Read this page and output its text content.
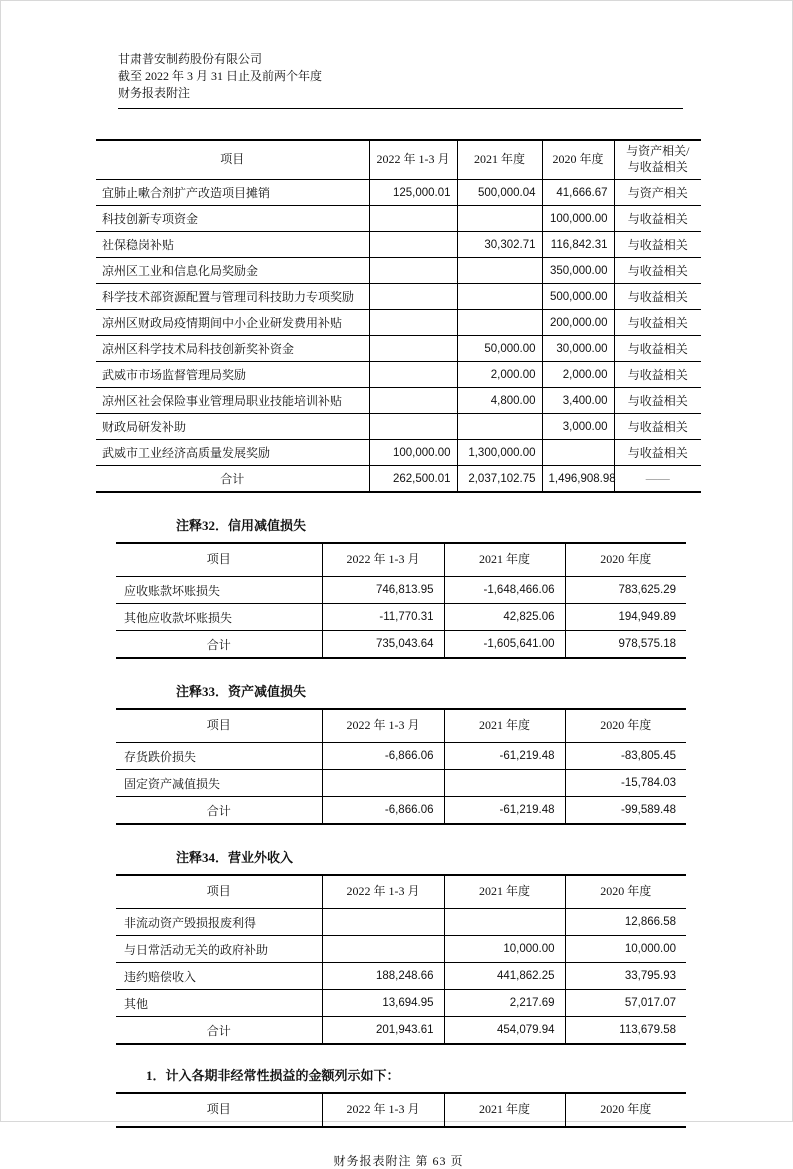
甘肃普安制药股份有限公司
截至 2022 年 3 月 31 日止及前两个年度
财务报表附注
项目	2022 年 1-3 月	2021 年度	2020 年度	与资产相关/
与收益相关

宜肺止嗽合剂扩产改造项目摊销	125,000.01	500,000.04	41,666.67	与资产相关
科技创新专项资金			100,000.00	与收益相关
社保稳岗补贴		30,302.71	116,842.31	与收益相关
凉州区工业和信息化局奖励金			350,000.00	与收益相关
科学技术部资源配置与管理司科技助力专项奖励			500,000.00	与收益相关
凉州区财政局疫情期间中小企业研发费用补贴			200,000.00	与收益相关
凉州区科学技术局科技创新奖补资金		50,000.00	30,000.00	与收益相关
武威市市场监督管理局奖励		2,000.00	2,000.00	与收益相关
凉州区社会保险事业管理局职业技能培训补贴		4,800.00	3,400.00	与收益相关
财政局研发补助			3,000.00	与收益相关
武威市工业经济高质量发展奖励	100,000.00	1,300,000.00		与收益相关
合计	262,500.01	2,037,102.75	1,496,908.98	——
注释32．信用减值损失
项目	2022 年 1-3 月	2021 年度	2020 年度
应收账款坏账损失	746,813.95	-1,648,466.06	783,625.29
其他应收款坏账损失	-11,770.31	42,825.06	194,949.89
合计	735,043.64	-1,605,641.00	978,575.18
注释33．资产减值损失
项目	2022 年 1-3 月	2021 年度	2020 年度
存货跌价损失	-6,866.06	-61,219.48	-83,805.45
固定资产减值损失			-15,784.03
合计	-6,866.06	-61,219.48	-99,589.48
注释34．营业外收入
项目	2022 年 1-3 月	2021 年度	2020 年度
非流动资产毁损报废利得			12,866.58
与日常活动无关的政府补助		10,000.00	10,000.00
违约赔偿收入	188,248.66	441,862.25	33,795.93
其他	13,694.95	2,217.69	57,017.07
合计	201,943.61	454,079.94	113,679.58
1．计入各期非经常性损益的金额列示如下：
项目	2022 年 1-3 月	2021 年度	2020 年度
财务报表附注 第 63 页
